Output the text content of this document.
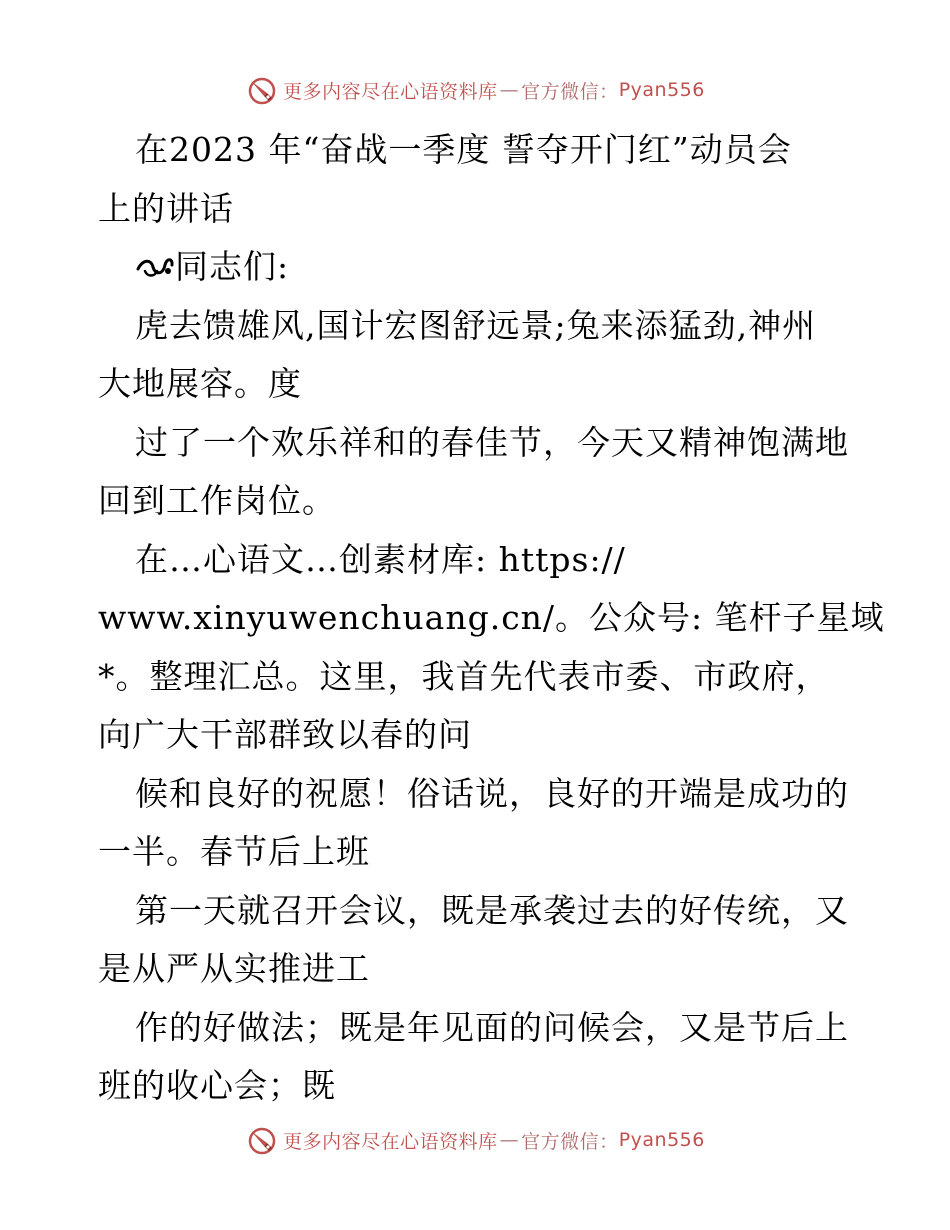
更多内容尽在心语资料库 — 官方微信： Pyan556
在2023 年“奋战一季度 誓夺开门红”动员会
上的讲话
同志们:
虎去馈雄风,国计宏图舒远景;兔来添猛劲,神州
大地展容。度
过了一个欢乐祥和的春佳节，今天又精神饱满地
回到工作岗位。
在…心语文…创素材库: https://
www.xinyuwenchuang.cn/。公众号: 笔杆子星域
*。整理汇总。这里，我首先代表市委、市政府，
向广大干部群致以春的问
候和良好的祝愿！俗话说，良好的开端是成功的
一半。春节后上班
第一天就召开会议，既是承袭过去的好传统，又
是从严从实推进工
作的好做法；既是年见面的问候会，又是节后上
班的收心会；既
更多内容尽在心语资料库 — 官方微信： Pyan556
